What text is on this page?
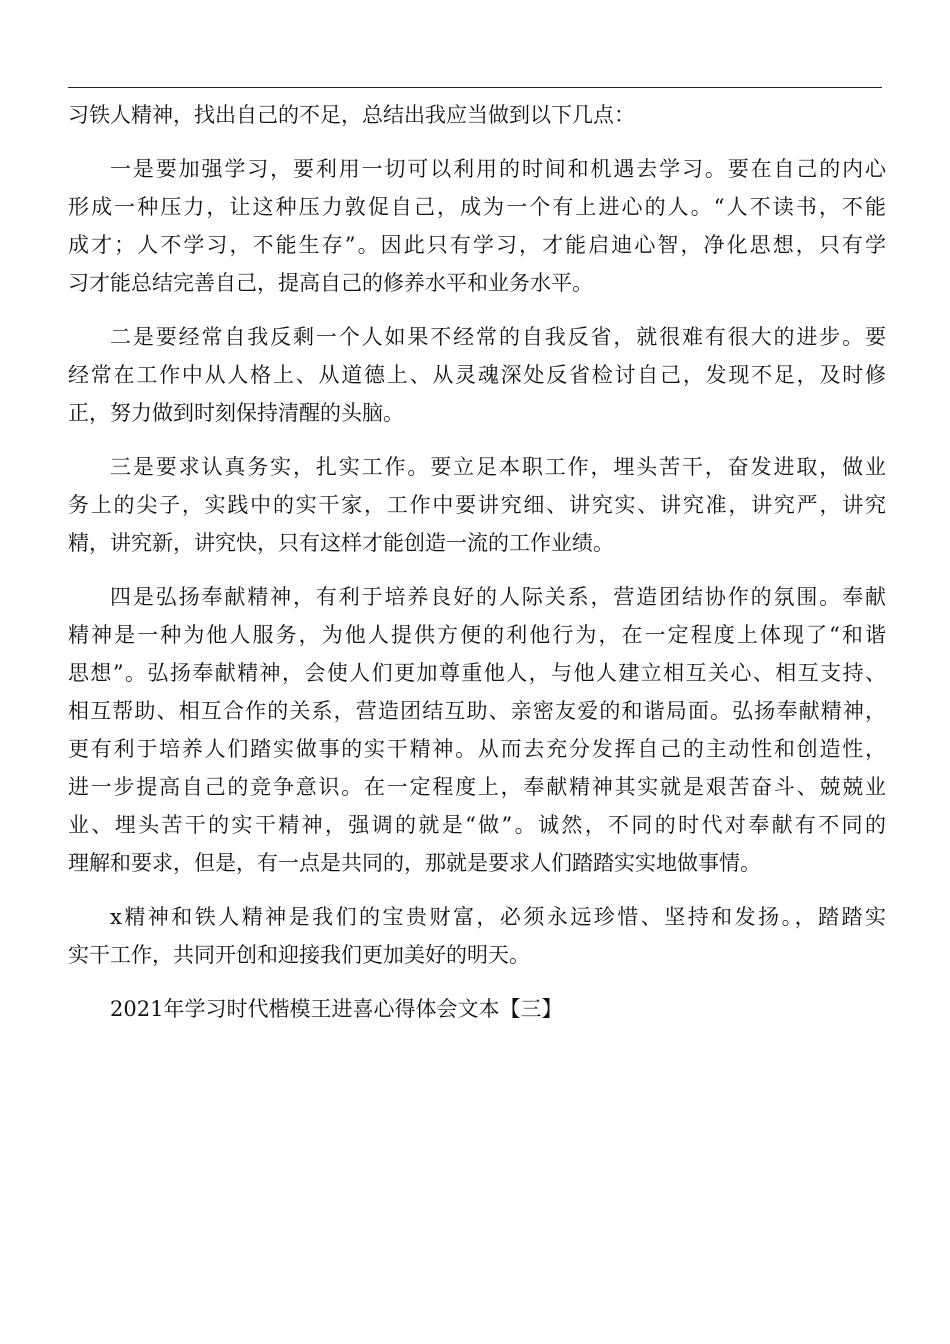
习铁人精神，找出自己的不足，总结出我应当做到以下几点：
一是要加强学习，要利用一切可以利用的时间和机遇去学习。要在自己的内心
形成一种压力，让这种压力敦促自己，成为一个有上进心的人。“人不读书，不能
成才；人不学习，不能生存”。因此只有学习，才能启迪心智，净化思想，只有学
习才能总结完善自己，提高自己的修养水平和业务水平。
二是要经常自我反剩一个人如果不经常的自我反省，就很难有很大的进步。要
经常在工作中从人格上、从道德上、从灵魂深处反省检讨自己，发现不足，及时修
正，努力做到时刻保持清醒的头脑。
三是要求认真务实，扎实工作。要立足本职工作，埋头苦干，奋发进取，做业
务上的尖子，实践中的实干家，工作中要讲究细、讲究实、讲究准，讲究严，讲究
精，讲究新，讲究快，只有这样才能创造一流的工作业绩。
四是弘扬奉献精神，有利于培养良好的人际关系，营造团结协作的氛围。奉献
精神是一种为他人服务，为他人提供方便的利他行为，在一定程度上体现了“和谐
思想”。弘扬奉献精神，会使人们更加尊重他人，与他人建立相互关心、相互支持、
相互帮助、相互合作的关系，营造团结互助、亲密友爱的和谐局面。弘扬奉献精神，
更有利于培养人们踏实做事的实干精神。从而去充分发挥自己的主动性和创造性，
进一步提高自己的竞争意识。在一定程度上，奉献精神其实就是艰苦奋斗、兢兢业
业、埋头苦干的实干精神，强调的就是“做”。诚然，不同的时代对奉献有不同的
理解和要求，但是，有一点是共同的，那就是要求人们踏踏实实地做事情。
x精神和铁人精神是我们的宝贵财富，必须永远珍惜、坚持和发扬。，踏踏实
实干工作，共同开创和迎接我们更加美好的明天。
2021年学习时代楷模王进喜心得体会文本【三】
